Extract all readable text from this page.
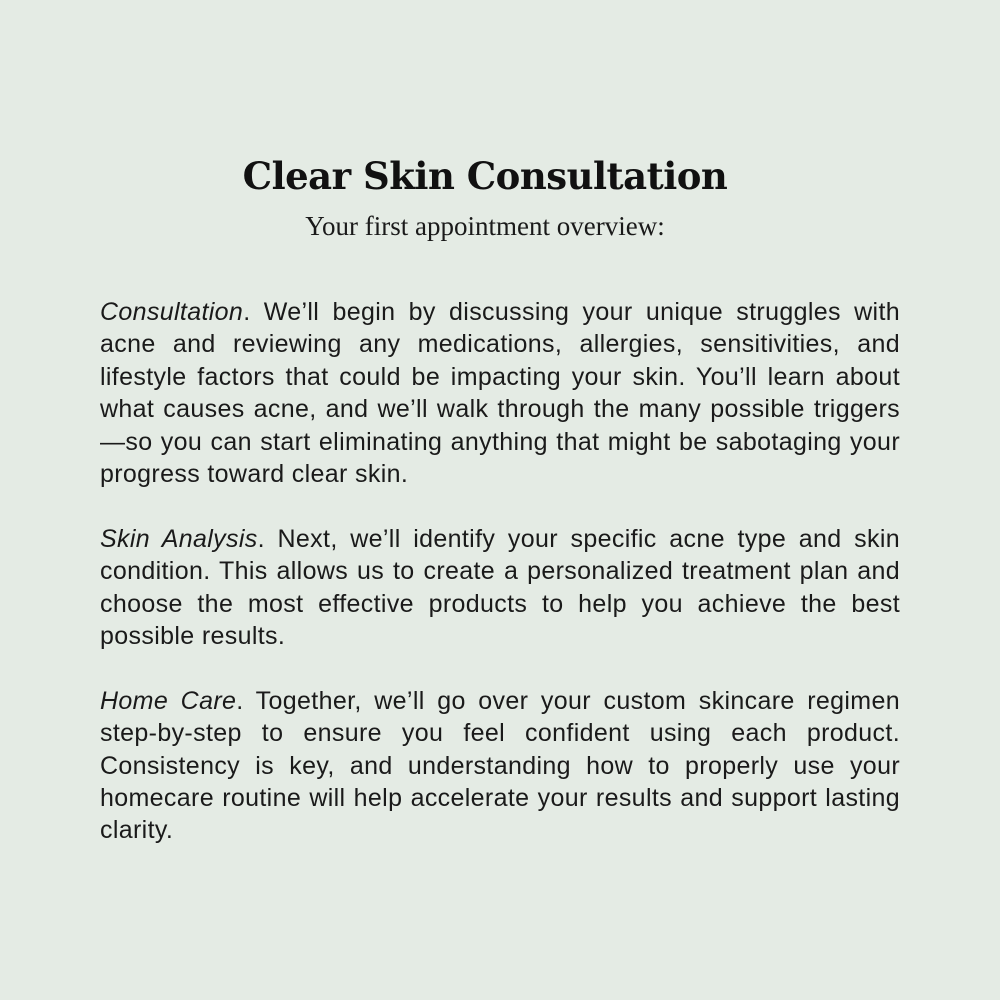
Clear Skin Consultation

Your first appointment overview:

Consultation. We’ll begin by discussing your unique struggles with acne and reviewing any medications, allergies, sensitivities, and lifestyle factors that could be impacting your skin. You’ll learn about what causes acne, and we’ll walk through the many possible triggers—so you can start eliminating anything that might be sabotaging your progress toward clear skin.

Skin Analysis. Next, we’ll identify your specific acne type and skin condition. This allows us to create a personalized treatment plan and choose the most effective products to help you achieve the best possible results.

Home Care. Together, we’ll go over your custom skincare regimen step-by-step to ensure you feel confident using each product. Consistency is key, and understanding how to properly use your homecare routine will help accelerate your results and support lasting clarity.
